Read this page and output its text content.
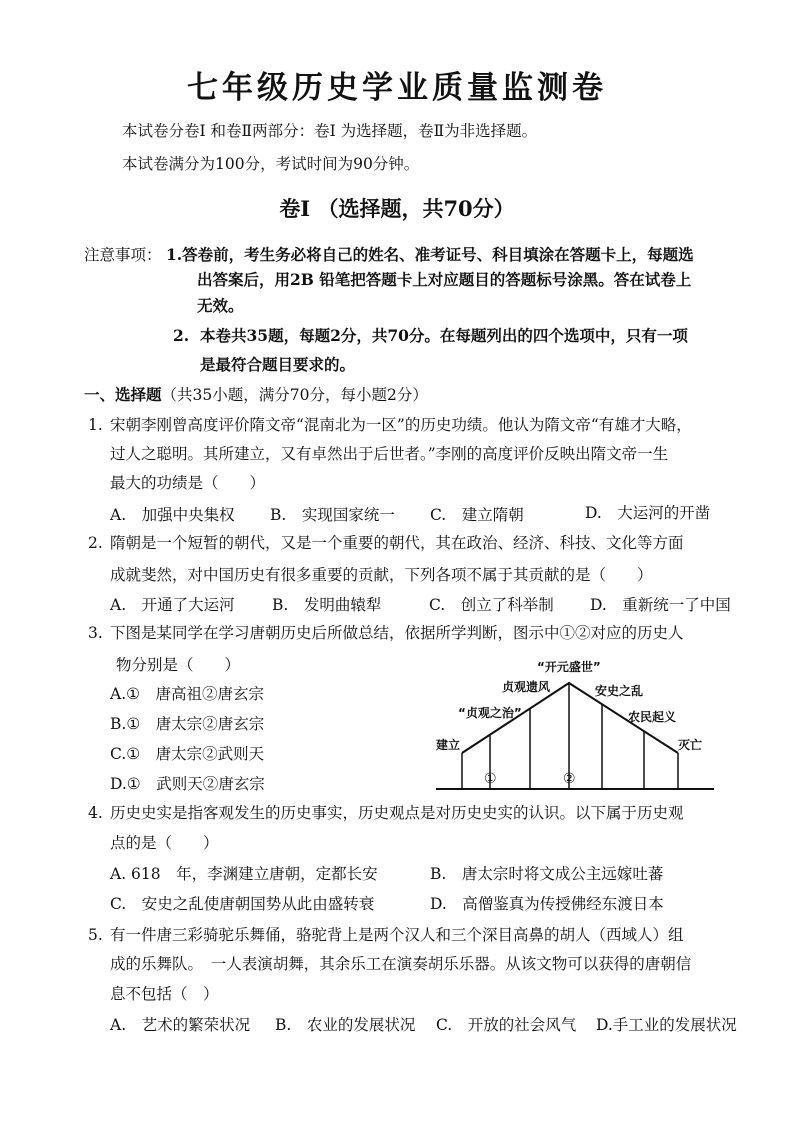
七年级历史学业质量监测卷
本试卷分卷I 和卷Ⅱ两部分：卷I 为选择题，卷Ⅱ为非选择题。
本试卷满分为100分，考试时间为90分钟。
卷I （选择题，共70分）
注意事项： 1.答卷前，考生务必将自己的姓名、准考证号、科目填涂在答题卡上，每题选
出答案后，用2B 铅笔把答题卡上对应题目的答题标号涂黑。答在试卷上
无效。
2. 本卷共35题，每题2分，共70分。在每题列出的四个选项中，只有一项
是最符合题目要求的。
一、选择题（共35小题，满分70分，每小题2分）
1. 宋朝李刚曾高度评价隋文帝“混南北为一区”的历史功绩。他认为隋文帝“有雄才大略，
过人之聪明。其所建立，又有卓然出于后世者。”李刚的高度评价反映出隋文帝一生
最大的功绩是（　　）
A.　加强中央集权 B.　实现国家统一 C.　建立隋朝	D.　大运河的开凿
2. 隋朝是一个短暂的朝代，又是一个重要的朝代，其在政治、经济、科技、文化等方面
成就斐然，对中国历史有很多重要的贡献，下列各项不属于其贡献的是（　　）
A.　开通了大运河 B.　发明曲辕犁	C.　创立了科举制 D.　重新统一了中国
3. 下图是某同学在学习唐朝历史后所做总结，依据所学判断，图示中①②对应的历史人
物分别是（　　）
A.①　唐高祖②唐玄宗
B.①　唐太宗②唐玄宗
C.①　唐太宗②武则天
D.①　武则天②唐玄宗
“开元盛世”
贞观遗风	安史之乱
“贞观之治”	农民起义
建立	灭亡
①	②
4. 历史史实是指客观发生的历史事实，历史观点是对历史史实的认识。以下属于历史观
点的是（　　）
A. 618　年，李渊建立唐朝，定都长安	B.　唐太宗时将文成公主远嫁吐蕃
C.　安史之乱使唐朝国势从此由盛转衰	D.　高僧鉴真为传授佛经东渡日本
5. 有一件唐三彩骑驼乐舞俑，骆驼背上是两个汉人和三个深目高鼻的胡人（西域人）组
成的乐舞队。　一人表演胡舞，其余乐工在演奏胡乐乐器。从该文物可以获得的唐朝信
息不包括（　）
A.　艺术的繁荣状况 B.　农业的发展状况 C.　开放的社会风气 D.手工业的发展状况
